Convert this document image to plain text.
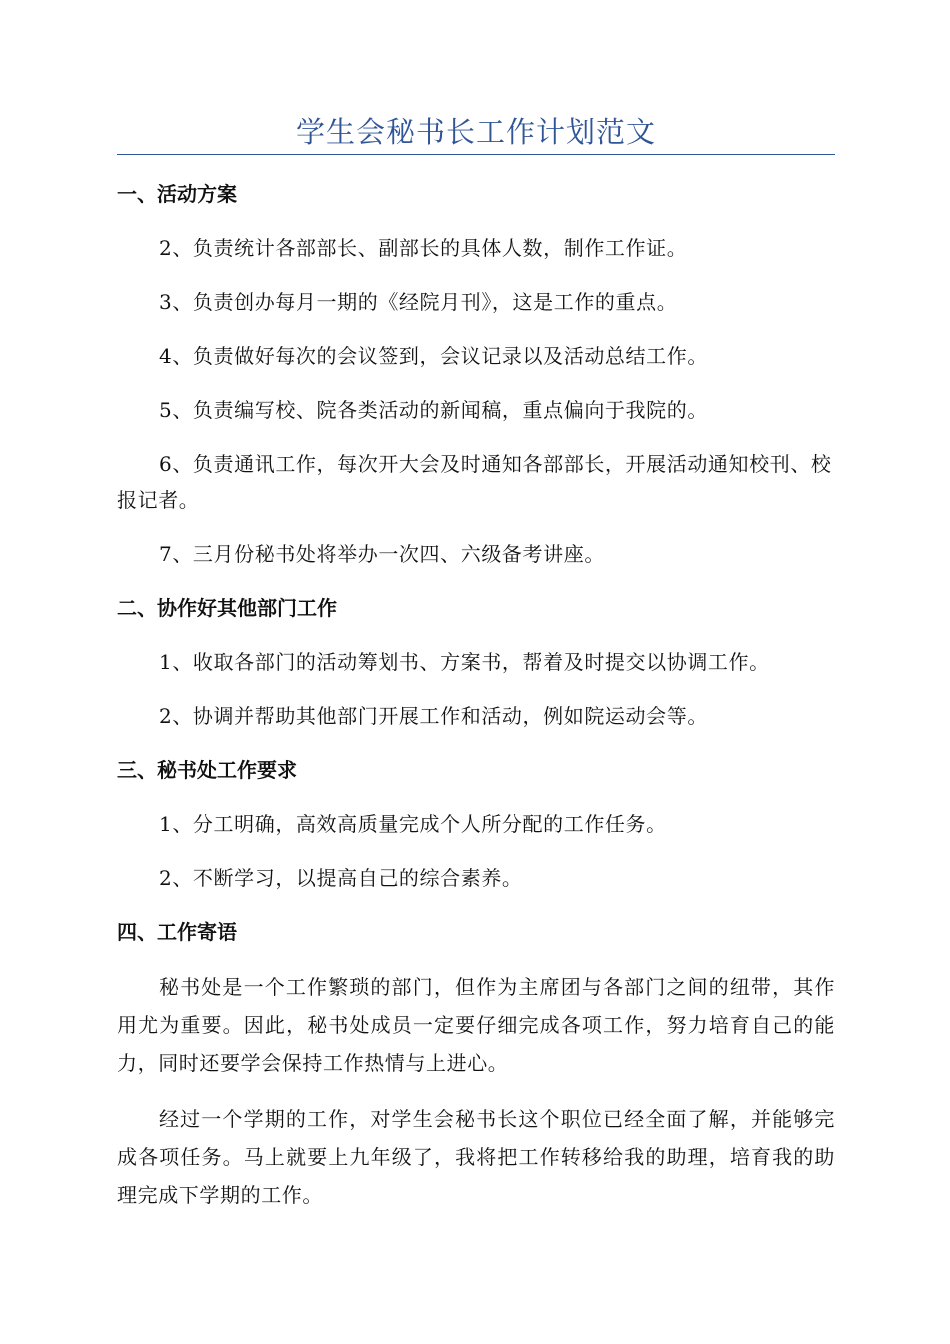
学生会秘书长工作计划范文

一、活动方案

2、负责统计各部部长、副部长的具体人数，制作工作证。

3、负责创办每月一期的《经院月刊》，这是工作的重点。

4、负责做好每次的会议签到，会议记录以及活动总结工作。

5、负责编写校、院各类活动的新闻稿，重点偏向于我院的。

6、负责通讯工作，每次开大会及时通知各部部长，开展活动通知校刊、校报记者。

7、三月份秘书处将举办一次四、六级备考讲座。

二、协作好其他部门工作

1、收取各部门的活动筹划书、方案书，帮着及时提交以协调工作。

2、协调并帮助其他部门开展工作和活动，例如院运动会等。

三、秘书处工作要求

1、分工明确，高效高质量完成个人所分配的工作任务。

2、不断学习，以提高自己的综合素养。

四、工作寄语

秘书处是一个工作繁琐的部门，但作为主席团与各部门之间的纽带，其作用尤为重要。因此，秘书处成员一定要仔细完成各项工作，努力培育自己的能力，同时还要学会保持工作热情与上进心。

经过一个学期的工作，对学生会秘书长这个职位已经全面了解，并能够完成各项任务。马上就要上九年级了，我将把工作转移给我的助理，培育我的助理完成下学期的工作。
